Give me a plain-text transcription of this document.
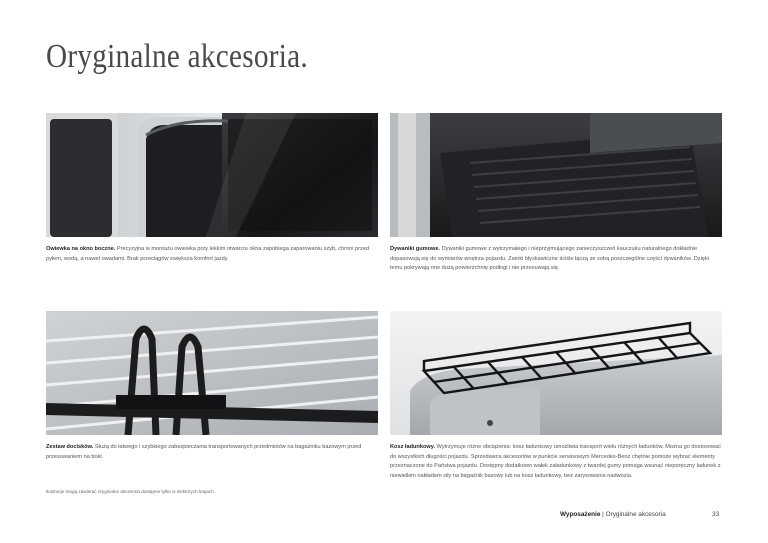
Oryginalne akcesoria.
Owiewka na okno boczne. Precyzyjna w montażu owiewka przy lekkim otwarciu okna zapobiega zaparowaniu szyb, chroni przed pyłem, wodą, a nawet owadami. Brak przeciągów zwiększa komfort jazdy.
Dywaniki gumowe. Dywaniki gumowe z wytrzymałego i nieprzyjmującego zanieczyszczeń kauczuku naturalnego dokładnie dopasowują się do wymiarów wnętrza pojazdu. Zamki błyskawiczne ściśle łączą ze sobą poszczególne części dywaników. Dzięki temu pokrywają one dużą powierzchnię podłogi i nie przesuwają się.
Zestaw docisków. Służą do łatwego i szybkiego zabezpieczania transportowanych przedmiotów na bagażniku bazowym przed przesuwaniem na boki.
Kosz ładunkowy. Wytrzymuje różne obciążenia: kosz ładunkowy umożliwia transport wielu różnych ładunków. Można go dostosować do wszystkich długości pojazdu. Sprzedawca akcesoriów w punkcie serwisowym Mercedes-Benz chętnie pomoże wybrać elementy przeznaczone do Państwa pojazdu. Dostępny dodatkowo wałek załadunkowy z twardej gumy pomaga wsunąć nieporęczny ładunek z niewielkim nakładem siły na bagażnik bazowy lub na kosz ładunkowy, bez zarysowania nadwozia.
Ilustracje mogą zawierać oryginalne akcesoria dostępne tylko w niektórych krajach.
Wyposażenie | Oryginalne akcesoria	33
